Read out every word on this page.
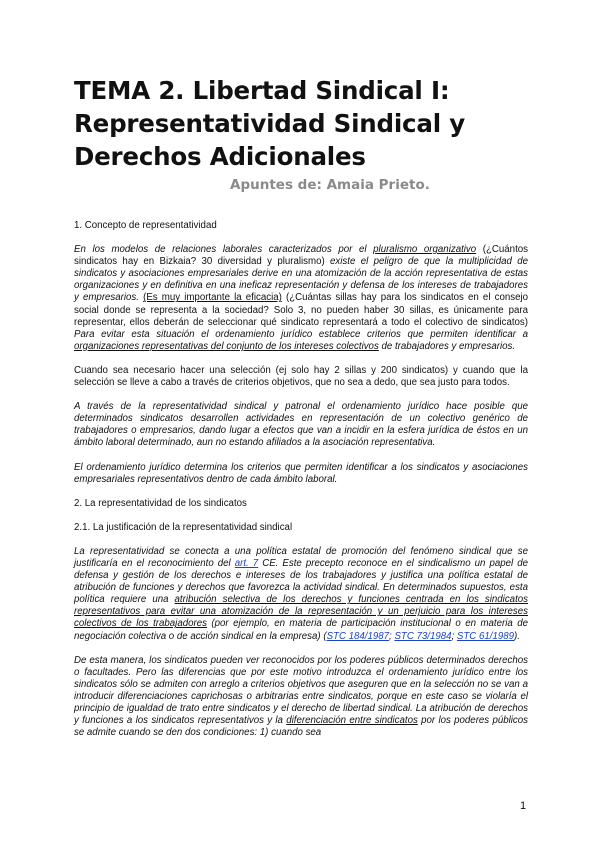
TEMA 2. Libertad Sindical I: Representatividad Sindical y Derechos Adicionales

Apuntes de: Amaia Prieto.

1. Concepto de representatividad

En los modelos de relaciones laborales caracterizados por el pluralismo organizativo (¿Cuántos sindicatos hay en Bizkaia? 30 diversidad y pluralismo) existe el peligro de que la multiplicidad de sindicatos y asociaciones empresariales derive en una atomización de la acción representativa de estas organizaciones y en definitiva en una ineficaz representación y defensa de los intereses de trabajadores y empresarios. (Es muy importante la eficacia) (¿Cuántas sillas hay para los sindicatos en el consejo social donde se representa a la sociedad? Solo 3, no pueden haber 30 sillas, es únicamente para representar, ellos deberán de seleccionar qué sindicato representará a todo el colectivo de sindicatos) Para evitar esta situación el ordenamiento jurídico establece criterios que permiten identificar a organizaciones representativas del conjunto de los intereses colectivos de trabajadores y empresarios.

Cuando sea necesario hacer una selección (ej solo hay 2 sillas y 200 sindicatos) y cuando que la selección se lleve a cabo a través de criterios objetivos, que no sea a dedo, que sea justo para todos.

A través de la representatividad sindical y patronal el ordenamiento jurídico hace posible que determinados sindicatos desarrollen actividades en representación de un colectivo genérico de trabajadores o empresarios, dando lugar a efectos que van a incidir en la esfera jurídica de éstos en un ámbito laboral determinado, aun no estando afiliados a la asociación representativa.

El ordenamiento jurídico determina los criterios que permiten identificar a los sindicatos y asociaciones empresariales representativos dentro de cada ámbito laboral.

2. La representatividad de los sindicatos

2.1. La justificación de la representatividad sindical

La representatividad se conecta a una política estatal de promoción del fenómeno sindical que se justificaría en el reconocimiento del art. 7 CE. Este precepto reconoce en el sindicalismo un papel de defensa y gestión de los derechos e intereses de los trabajadores y justifica una política estatal de atribución de funciones y derechos que favorezca la actividad sindical. En determinados supuestos, esta política requiere una atribución selectiva de los derechos y funciones centrada en los sindicatos representativos para evitar una atomización de la representación y un perjuicio para los intereses colectivos de los trabajadores (por ejemplo, en materia de participación institucional o en materia de negociación colectiva o de acción sindical en la empresa) (STC 184/1987; STC 73/1984; STC 61/1989).

De esta manera, los sindicatos pueden ver reconocidos por los poderes públicos determinados derechos o facultades. Pero las diferencias que por este motivo introduzca el ordenamiento jurídico entre los sindicatos sólo se admiten con arreglo a criterios objetivos que aseguren que en la selección no se van a introducir diferenciaciones caprichosas o arbitrarias entre sindicatos, porque en este caso se violaría el principio de igualdad de trato entre sindicatos y el derecho de libertad sindical. La atribución de derechos y funciones a los sindicatos representativos y la diferenciación entre sindicatos por los poderes públicos se admite cuando se den dos condiciones: 1) cuando sea

1
